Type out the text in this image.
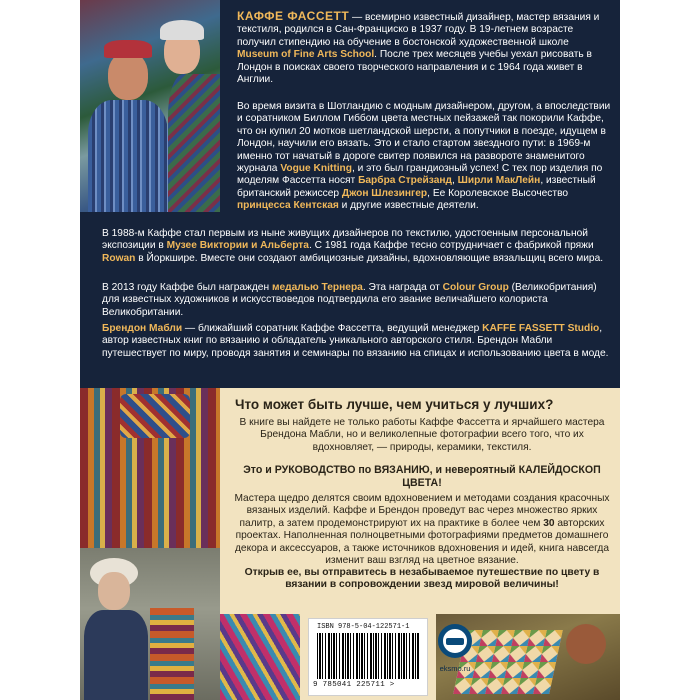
КАФФЕ ФАССЕТТ — всемирно известный дизайнер, мастер вязания и текстиля, родился в Сан-Франциско в 1937 году. В 19-летнем возрасте получил стипендию на обучение в бостонской художественной школе Museum of Fine Arts School. После трех месяцев учебы уехал рисовать в Лондон в поисках своего творческого направления и с 1964 года живет в Англии.

Во время визита в Шотландию с модным дизайнером, другом, а впоследствии и соратником Биллом Гиббом цвета местных пейзажей так покорили Каффе, что он купил 20 мотков шетландской шерсти, а попутчики в поезде, идущем в Лондон, научили его вязать. Это и стало стартом звездного пути: в 1969-м именно тот начатый в дороге свитер появился на развороте знаменитого журнала Vogue Knitting, и это был грандиозный успех! С тех пор изделия по моделям Фассетта носят Барбра Стрейзанд, Ширли МакЛейн, известный британский режиссер Джон Шлезингер, Ее Королевское Высочество принцесса Кентская и другие известные деятели.

В 1988-м Каффе стал первым из ныне живущих дизайнеров по текстилю, удостоенным персональной экспозиции в Музее Виктории и Альберта. С 1981 года Каффе тесно сотрудничает с фабрикой пряжи Rowan в Йоркшире. Вместе они создают амбициозные дизайны, вдохновляющие вязальщиц всего мира.

В 2013 году Каффе был награжден медалью Тернера. Эта награда от Colour Group (Великобритания) для известных художников и искусствоведов подтвердила его звание величайшего колориста Великобритании.

Брендон Мабли — ближайший соратник Каффе Фассетта, ведущий менеджер KAFFE FASSETT Studio, автор известных книг по вязанию и обладатель уникального авторского стиля. Брендон Мабли путешествует по миру, проводя занятия и семинары по вязанию на спицах и использованию цвета в моде.

Что может быть лучше, чем учиться у лучших?

В книге вы найдете не только работы Каффе Фассетта и ярчайшего мастера Брендона Мабли, но и великолепные фотографии всего того, что их вдохновляет, — природы, керамики, текстиля.

Это и РУКОВОДСТВО по ВЯЗАНИЮ, и невероятный КАЛЕЙДОСКОП ЦВЕТА!

Мастера щедро делятся своим вдохновением и методами создания красочных вязаных изделий. Каффе и Брендон проведут вас через множество ярких палитр, а затем продемонстрируют их на практике в более чем 30 авторских проектах. Наполненная полноцветными фотографиями предметов домашнего декора и аксессуаров, а также источников вдохновения и идей, книга навсегда изменит ваш взгляд на цветное вязание.

Открыв ее, вы отправитесь в незабываемое путешествие по цвету в вязании в сопровождении звезд мировой величины!

ISBN 978-5-04-122571-1
9 785041 225711 >
eksmo.ru
